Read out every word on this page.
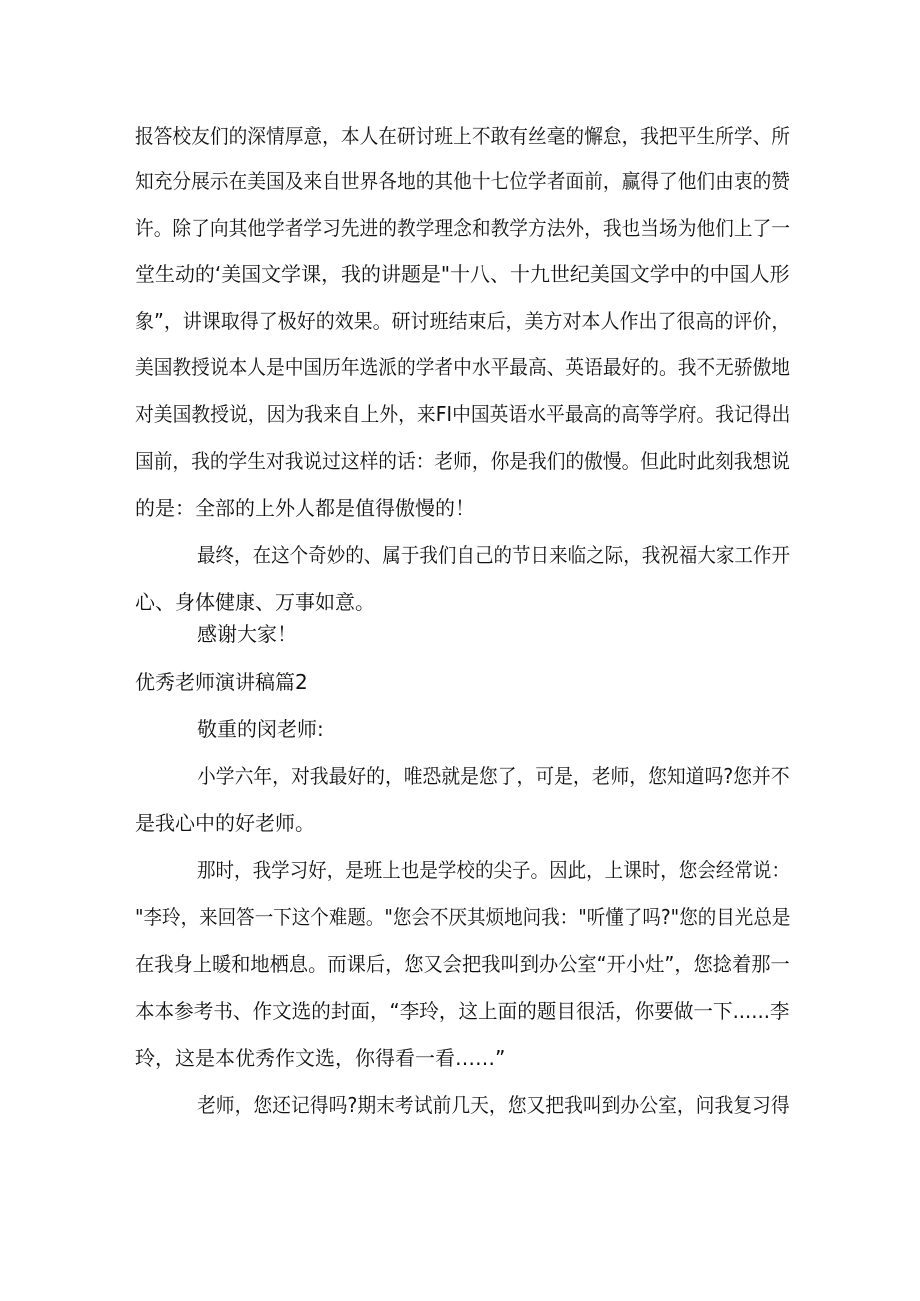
报答校友们的深情厚意，本人在研讨班上不敢有丝毫的懈怠，我把平生所学、所
知充分展示在美国及来自世界各地的其他十七位学者面前，赢得了他们由衷的赞
许。除了向其他学者学习先进的教学理念和教学方法外，我也当场为他们上了一
堂生动的‘美国文学课，我的讲题是"十八、十九世纪美国文学中的中国人形
象”，讲课取得了极好的效果。研讨班结束后，美方对本人作出了很高的评价，
美国教授说本人是中国历年选派的学者中水平最高、英语最好的。我不无骄傲地
对美国教授说，因为我来自上外，来FI中国英语水平最高的高等学府。我记得出
国前，我的学生对我说过这样的话：老师，你是我们的傲慢。但此时此刻我想说
的是：全部的上外人都是值得傲慢的！
最终，在这个奇妙的、属于我们自己的节日来临之际，我祝福大家工作开
心、身体健康、万事如意。
感谢大家！
优秀老师演讲稿篇2
敬重的闵老师:
小学六年，对我最好的，唯恐就是您了，可是，老师，您知道吗?您并不
是我心中的好老师。
那时，我学习好，是班上也是学校的尖子。因此，上课时，您会经常说：
"李玲，来回答一下这个难题。"您会不厌其烦地问我："听懂了吗?"您的目光总是
在我身上暖和地栖息。而课后，您又会把我叫到办公室“开小灶”，您捻着那一
本本参考书、作文选的封面，“李玲，这上面的题目很活，你要做一下......李
玲，这是本优秀作文选，你得看一看……”
老师，您还记得吗?期末考试前几天，您又把我叫到办公室，问我复习得
